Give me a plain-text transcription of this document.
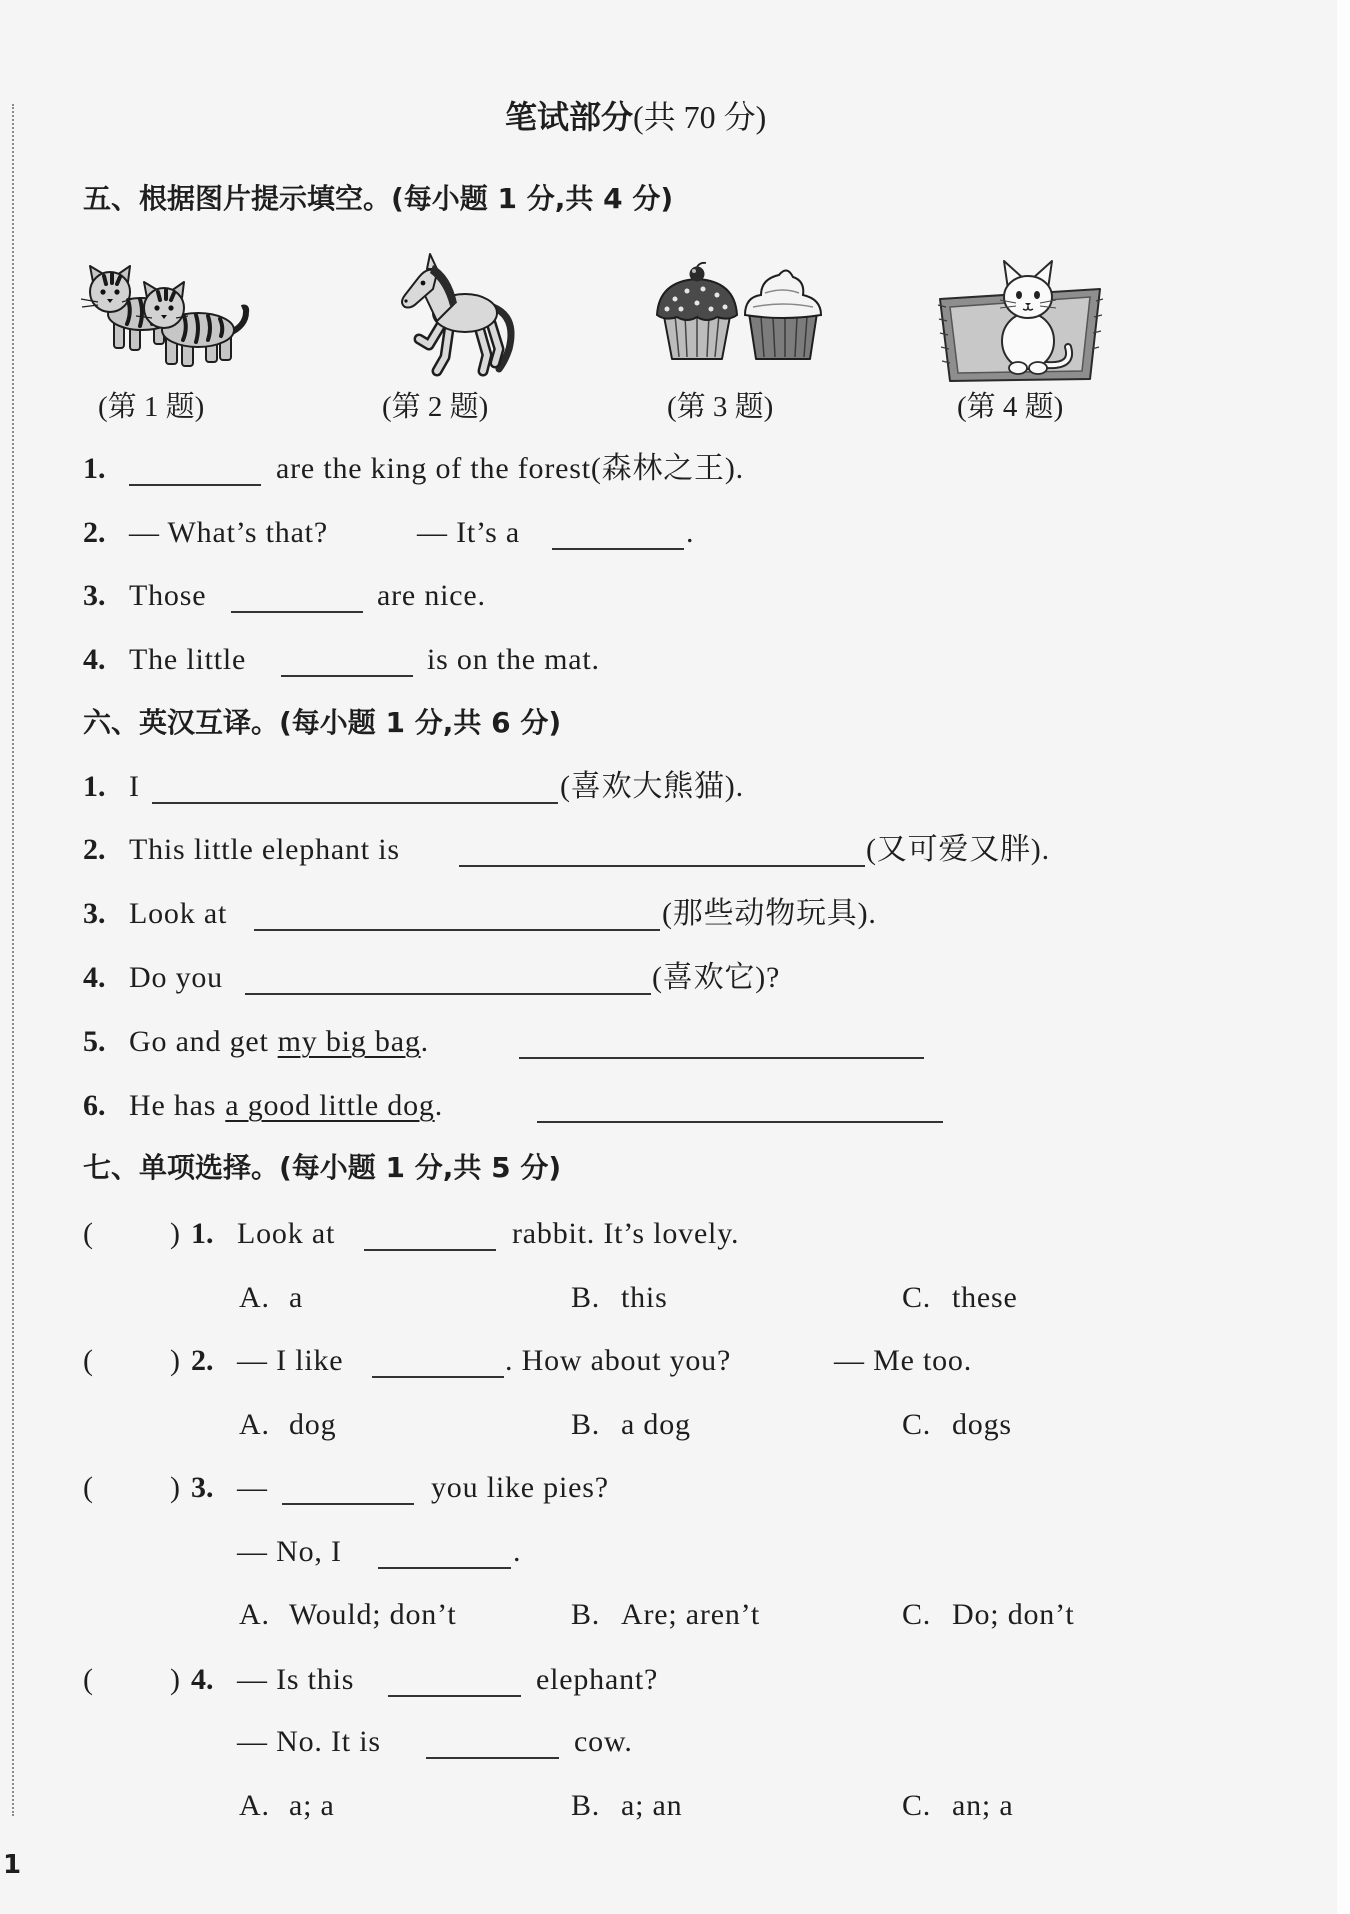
笔试部分(共 70 分)
五、根据图片提示填空。(每小题 1 分,共 4 分)
(第 1 题)	(第 2 题)	(第 3 题)	(第 4 题)
1.	are the king of the forest(森林之王).
2. — What’s that?	— It’s a	.
3. Those	are nice.
4. The little	is on the mat.
六、英汉互译。(每小题 1 分,共 6 分)
1. I	(喜欢大熊猫).
2. This little elephant is	(又可爱又胖).
3. Look at	(那些动物玩具).
4. Do you	(喜欢它)?
5. Go and get my big bag.
6. He has a good little dog.
七、单项选择。(每小题 1 分,共 5 分)
(	) 1. Look at	rabbit. It’s lovely.
A. a	B. this	C. these
(	) 2. — I like	. How about you?	— Me too.
A. dog	B. a dog	C. dogs
(	) 3. —	you like pies?
— No, I	.
A. Would; don’t	B. Are; aren’t	C. Do; don’t
(	) 4. — Is this	elephant?
— No. It is	cow.
A. a; a	B. a; an	C. an; a
1
